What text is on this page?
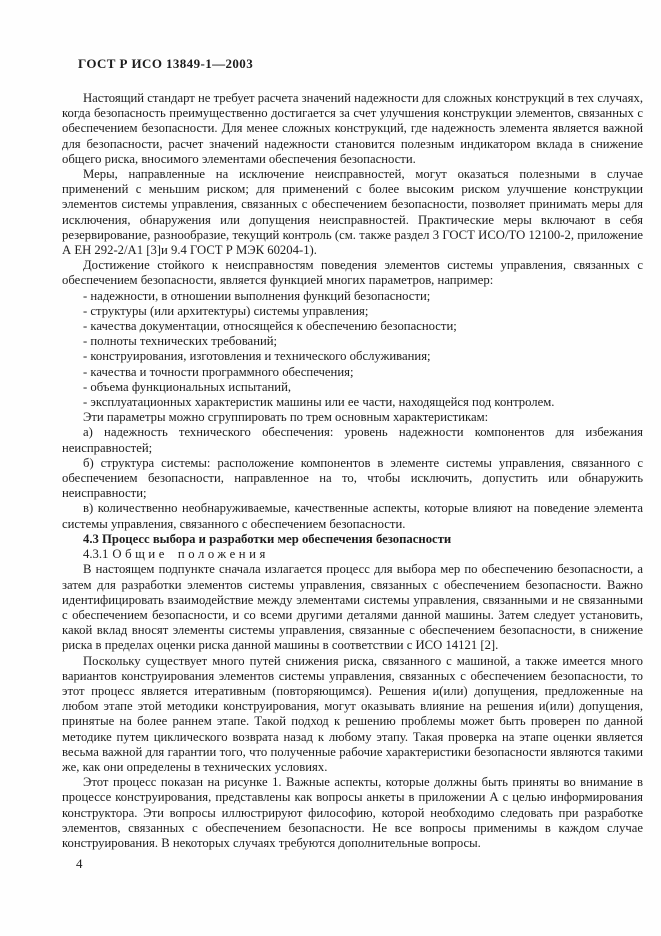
ГОСТ Р ИСО 13849-1—2003

Настоящий стандарт не требует расчета значений надежности для сложных конструкций в тех случаях, когда безопасность преимущественно достигается за счет улучшения конструкции элементов, связанных с обеспечением безопасности. Для менее сложных конструкций, где надежность элемента является важной для безопасности, расчет значений надежности становится полезным индикатором вклада в снижение общего риска, вносимого элементами обеспечения безопасности.

Меры, направленные на исключение неисправностей, могут оказаться полезными в случае применений с меньшим риском; для применений с более высоким риском улучшение конструкции элементов системы управления, связанных с обеспечением безопасности, позволяет принимать меры для исключения, обнаружения или допущения неисправностей. Практические меры включают в себя резервирование, разнообразие, текущий контроль (см. также раздел 3 ГОСТ ИСО/ТО 12100-2, приложение А ЕН 292-2/А1 [3]и 9.4 ГОСТ Р МЭК 60204-1).

Достижение стойкого к неисправностям поведения элементов системы управления, связанных с обеспечением безопасности, является функцией многих параметров, например:

- надежности, в отношении выполнения функций безопасности;
- структуры (или архитектуры) системы управления;
- качества документации, относящейся к обеспечению безопасности;
- полноты технических требований;
- конструирования, изготовления и технического обслуживания;
- качества и точности программного обеспечения;
- объема функциональных испытаний,
- эксплуатационных характеристик машины или ее части, находящейся под контролем.

Эти параметры можно сгруппировать по трем основным характеристикам:

а) надежность технического обеспечения: уровень надежности компонентов для избежания неисправностей;

б) структура системы: расположение компонентов в элементе системы управления, связанного с обеспечением безопасности, направленное на то, чтобы исключить, допустить или обнаружить неисправности;

в) количественно необнаруживаемые, качественные аспекты, которые влияют на поведение элемента системы управления, связанного с обеспечением безопасности.

4.3 Процесс выбора и разработки мер обеспечения безопасности

4.3.1 Общие положения

В настоящем подпункте сначала излагается процесс для выбора мер по обеспечению безопасности, а затем для разработки элементов системы управления, связанных с обеспечением безопасности. Важно идентифицировать взаимодействие между элементами системы управления, связанными и не связанными с обеспечением безопасности, и со всеми другими деталями данной машины. Затем следует установить, какой вклад вносят элементы системы управления, связанные с обеспечением безопасности, в снижение риска в пределах оценки риска данной машины в соответствии с ИСО 14121 [2].

Поскольку существует много путей снижения риска, связанного с машиной, а также имеется много вариантов конструирования элементов системы управления, связанных с обеспечением безопасности, то этот процесс является итеративным (повторяющимся). Решения и(или) допущения, предложенные на любом этапе этой методики конструирования, могут оказывать влияние на решения и(или) допущения, принятые на более раннем этапе. Такой подход к решению проблемы может быть проверен по данной методике путем циклического возврата назад к любому этапу. Такая проверка на этапе оценки является весьма важной для гарантии того, что полученные рабочие характеристики безопасности являются такими же, как они определены в технических условиях.

Этот процесс показан на рисунке 1. Важные аспекты, которые должны быть приняты во внимание в процессе конструирования, представлены как вопросы анкеты в приложении А с целью информирования конструктора. Эти вопросы иллюстрируют философию, которой необходимо следовать при разработке элементов, связанных с обеспечением безопасности. Не все вопросы применимы в каждом случае конструирования. В некоторых случаях требуются дополнительные вопросы.

4
